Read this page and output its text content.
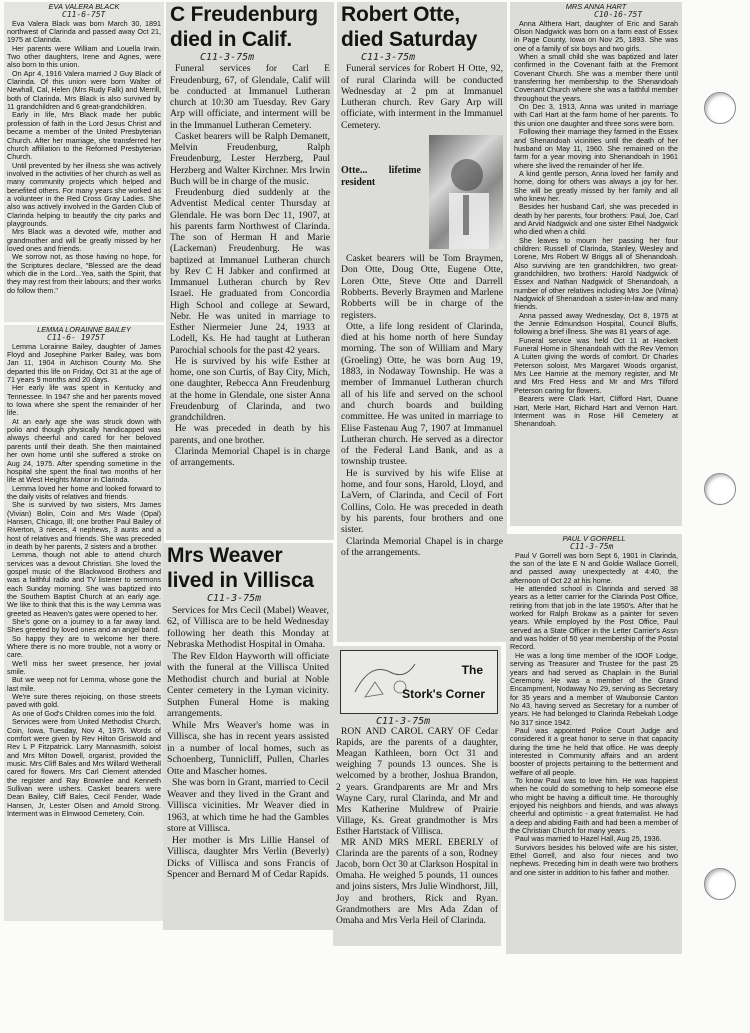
EVA VALERA BLACK
C11-6-75T

Eva Valera Black was born March 30, 1891 northwest of Clarinda and passed away Oct 21, 1975 at Clarinda.

Her parents were William and Louella Irwin. Two other daughters, Irene and Agnes, were also born to this union.

On Apr 4, 1916 Valera married J Guy Black of Clarinda. Of this union were born Walter of Newhall, Cal, Helen (Mrs Rudy Falk) and Merrill, both of Clarinda. Mrs Black is also survived by 11 grandchildren and 6 great-grandchildren.

Early in life, Mrs Black made her public profession of faith in the Lord Jesus Christ and became a member of the United Presbyterian Church. After her marriage, she transferred her church affiliation to the Reformed Presbyterian Church.

Until prevented by her illness she was actively involved in the activities of her church as well as many community projects which helped and benefited others. For many years she worked as a volunteer in the Red Cross Gray Ladies. She also was actively involved in the Garden Club of Clarinda helping to beautify the city parks and playgrounds.

Mrs Black was a devoted wife, mother and grandmother and will be greatly missed by her loved ones and friends.

We sorrow not, as those having no hope, for the Scriptures declare, "Blessed are the dead which die in the Lord...Yea, saith the Spirit, that they may rest from their labours; and their works do follow them."

LEMMA LORAINNE BAILEY
C11-6- 1975T

Lemma Lorainne Bailey, daughter of James Floyd and Josephine Parker Bailey, was born Jan 11, 1904 in Atchison County Mo. She departed this life on Friday, Oct 31 at the age of 71 years 9 months and 20 days.

Her early life was spent in Kentucky and Tennessee. In 1947 she and her parents moved to Iowa where she spent the remainder of her life.

At an early age she was struck down with polio and though physically handicapped was always cheerful and cared for her beloved parents until their death. She then maintained her own home until she suffered a stroke on Aug 24, 1975. After spending sometime in the hospital she spent the final two months of her life at West Heights Manor in Clarinda.

Lemma loved her home and looked forward to the daily visits of relatives and friends.

She is survived by two sisters, Mrs James (Vivian) Bolin, Coin and Mrs Wade (Opal) Hansen, Chicago, Ill; one brother Paul Bailey of Riverton, 3 nieces, 4 nephews, 3 aunts and a host of relatives and friends. She was preceded in death by her parents, 2 sisters and a brother.

Lemma, though not able to attend church services was a devout Christian. She loved the gospel music of the Blackwood Brothers and was a faithful radio and TV listener to sermons each Sunday morning. She was baptized into the Southern Baptist Church at an early age. We like to think that this is the way Lemma was greeted as Heaven's gates were opened to her.

She's gone on a journey to a far away land. Shes greeted by loved ones and an angel band.

So happy they are to welcome her there. Where there is no more trouble, not a worry or care.

We'll miss her sweet presence, her jovial smile.

But we weep not for Lemma, whose gone the last mile.

We're sure theres rejoicing, on those streets paved with gold.

As one of God's Children comes into the fold.

Services were from United Methodist Church, Coin, Iowa, Tuesday, Nov 4, 1975. Words of comfort were given by Rev Hilton Griswold and Rev L P Fitzpatrick. Larry Mannasmith, soloist and Mrs Milton Dowell, organist, provided the music. Mrs Cliff Bales and Mrs Willard Wetherall cared for flowers. Mrs Carl Clement attended the register and Ray Brownlee and Kenneth Sullivan were ushers. Casket bearers were Dean Bailey, Cliff Bales, Cecil Fender, Wade Hansen, Jr, Lester Olsen and Arnold Strong. Interment was in Elmwood Cemetery, Coin.

C Freudenburg died in Calif.
C11-3-75m

Funeral services for Carl E Freudenburg, 67, of Glendale, Calif will be conducted at Immanuel Lutheran church at 10:30 am Tuesday. Rev Gary Arp will officiate, and interment will be in the Immanuel Lutheran Cemetery.

Casket bearers will be Ralph Demanett, Melvin Freudenburg, Ralph Freudenburg, Lester Herzberg, Paul Herzberg and Walter Kirchner. Mrs Irwin Buch will be in charge of the music.

Freudenburg died suddenly at the Adventist Medical center Thursday at Glendale. He was born Dec 11, 1907, at his parents farm Northwest of Clarinda. The son of Herman H and Marie (Lackeman) Freudenburg. He was baptized at Immanuel Lutheran church by Rev C H Jabker and confirmed at Immanuel Lutheran church by Rev Israel. He graduated from Concordia High School and college at Seward, Nebr. He was united in marriage to Esther Niermeier June 24, 1933 at Lodell, Ks. He had taught at Lutheran Parochial schools for the past 42 years.

He is survived by his wife Esther at home, one son Curtis, of Bay City, Mich, one daughter, Rebecca Ann Freudenburg at the home in Glendale, one sister Anna Freudenburg of Clarinda, and two grandchildren.

He was preceded in death by his parents, and one brother.

Clarinda Memorial Chapel is in charge of arrangements.

Mrs Weaver lived in Villisca
C11-3-75m

Services for Mrs Cecil (Mabel) Weaver, 62, of Villisca are to be held Wednesday following her death this Monday at Nebraska Methodist Hospital in Omaha.

The Rev Eldon Hayworth will officiate with the funeral at the Villisca United Methodist church and burial at Noble Center cemetery in the Lyman vicinity. Sutphen Funeral Home is making arrangements.

While Mrs Weaver's home was in Villisca, she has in recent years assisted in a number of local homes, such as Schoenberg, Tunnicliff, Pullen, Charles Otte and Mascher homes.

She was born in Grant, married to Cecil Weaver and they lived in the Grant and Villisca vicinities. Mr Weaver died in 1963, at which time he had the Gambles store at Villisca.

Her mother is Mrs Lillie Hansel of Villisca, daughter Mrs Verlin (Beverly) Dicks of Villisca and sons Francis of Spencer and Bernard M of Cedar Rapids.

Robert Otte, died Saturday
C11-3-75m

Funeral services for Robert H Otte, 92, of rural Clarinda will be conducted Wednesday at 2 pm at Immanuel Lutheran church. Rev Gary Arp will officiate, with interment in the Immanuel Cemetery.

Otte... lifetime resident

Casket bearers will be Tom Braymen, Don Otte, Doug Otte, Eugene Otte, Loren Otte, Steve Otte and Darrell Robberts. Beverly Braymen and Marlene Robberts will be in charge of the registers.

Otte, a life long resident of Clarinda, died at his home north of here Sunday morning. The son of William and Mary (Groeling) Otte, he was born Aug 19, 1883, in Nodaway Township. He was a member of Immanuel Lutheran church all of his life and served on the school and church boards and building committee. He was united in marriage to Elise Fastenau Aug 7, 1907 at Immanuel Lutheran church. He served as a director of the Federal Land Bank, and as a township trustee.

He is survived by his wife Elise at home, and four sons, Harold, Lloyd, and LaVern, of Clarinda, and Cecil of Fort Collins, Colo. He was preceded in death by his parents, four brothers and one sister.

Clarinda Memorial Chapel is in charge of the arrangements.

The
Stork's Corner
C11-3-75m

RON AND CAROL CARY OF Cedar Rapids, are the parents of a daughter, Meagan Kathleen, born Oct 31 and weighing 7 pounds 13 ounces. She is welcomed by a brother, Joshua Brandon, 2 years. Grandparents are Mr and Mrs Wayne Cary, rural Clarinda, and Mr and Mrs Katherine Muldrew of Prairie Village, Ks. Great grandmother is Mrs Esther Hartstack of Villisca.

MR AND MRS MERL EBERLY of Clarinda are the parents of a son, Rodney Jacob, born Oct 30 at Clarkson Hospital in Omaha. He weighed 5 pounds, 11 ounces and joins sisters, Mrs Julie Windhorst, Jill, Joy and brothers, Rick and Ryan. Grandmothers are Mrs Ada Zdan of Omaha and Mrs Verla Heil of Clarinda.

MRS ANNA HART
C10-16-75T

Anna Althera Hart, daughter of Eric and Sarah Olson Nadgwick was born on a farm east of Essex in Page County, Iowa on Nov 25, 1893. She was one of a family of six boys and two girls.

When a small child she was baptized and later confirmed in the Covenant faith at the Fremont Covenant Church. She was a member there until transferring her membership to the Shenandoah Covenant Church where she was a faithful member throughout the years.

On Dec 3, 1913, Anna was united in marriage with Carl Hart at the farm home of her parents. To this union one daughter and three sons were born.

Following their marriage they farmed in the Essex and Shenandoah vicinities until the death of her husband on May 11, 1960. She remained on the farm for a year moving into Shenandoah in 1961 where she lived the remainder of her life.

A kind gentle person, Anna loved her family and home, doing for others was always a joy for her. She will be greatly missed by her family and all who knew her.

Besides her husband Carl, she was preceded in death by her parents, four brothers: Paul, Joe, Carl and Arvid Nadgwick and one sister Ethel Nadgwick who died when a child.

She leaves to mourn her passing her four children: Russell of Clarinda, Stanley, Wesley and Lorene, Mrs Robert W Briggs all of Shenandoah. Also surviving are ten grandchildren, two great-grandchildren, two brothers: Harold Nadgwick of Essex and Nathan Nadgwick of Shenandoah, a number of other relatives including Mrs Joe (Vilma) Nadgwick of Shenandoah a sister-in-law and many friends.

Anna passed away Wednesday, Oct 8, 1975 at the Jennie Edmundson Hospital, Council Bluffs, following a brief illness. She was 81 years of age.

Funeral service was held Oct 11 at Hackett Funeral Home in Shenandoah with the Rev Vernon A Luiten giving the words of comfort. Dr Charles Peterson soloist, Mrs Margaret Woods organist, Mrs Lee Hamrie at the memory register, and Mr and Mrs Fred Hess and Mr and Mrs Tilford Peterson caring for flowers.

Bearers were Clark Hart, Clifford Hart, Duane Hart, Merle Hart, Richard Hart and Vernon Hart. Interment was in Rose Hill Cemetery at Shenandoah.

PAUL V GORRELL
C11-3-75m

Paul V Gorrell was born Sept 6, 1901 in Clarinda, the son of the late E N and Goldie Wallace Gorrell, and passed away unexpectedly at 4:40, the afternoon of Oct 22 at his home.

He attended school in Clarinda and served 38 years as a letter carrier for the Clarinda Post Office, retiring from that job in the late 1950's. After that he worked for Ralph Brokaw as a painter for seven years. While employed by the Post Office, Paul served as a State Officer in the Letter Carrier's Assn and was holder of 50 year membership of the Postal Record.

He was a long time member of the IOOF Lodge, serving as Treasurer and Trustee for the past 25 years and had served as Chaplain in the Burial Ceremony. He was a member of the Grand Encampment, Nodaway No 29, serving as Secretary for 35 years and a member of Waubonsie Canton No 43, having served as Secretary for a number of years. He had belonged to Clarinda Rebekah Lodge No 317 since 1942.

Paul was appointed Police Court Judge and considered it a great honor to serve in that capacity during the time he held that office. He was deeply interested in Community affairs and an ardent booster of projects pertaining to the betterment and welfare of all people.

To know Paul was to love him. He was happiest when he could do something to help someone else who might be having a difficult time. He thoroughly enjoyed his neighbors and friends, and was always cheerful and optimistic - a great fraternalist. He had a deep and abiding Faith and had been a member of the Christian Church for many years.

Paul was married to Hazel Hall, Aug 25, 1936.

Survivors besides his beloved wife are his sister, Ethel Gorrell, and also four nieces and two nephews. Preceding him in death were two brothers and one sister in addition to his father and mother.
